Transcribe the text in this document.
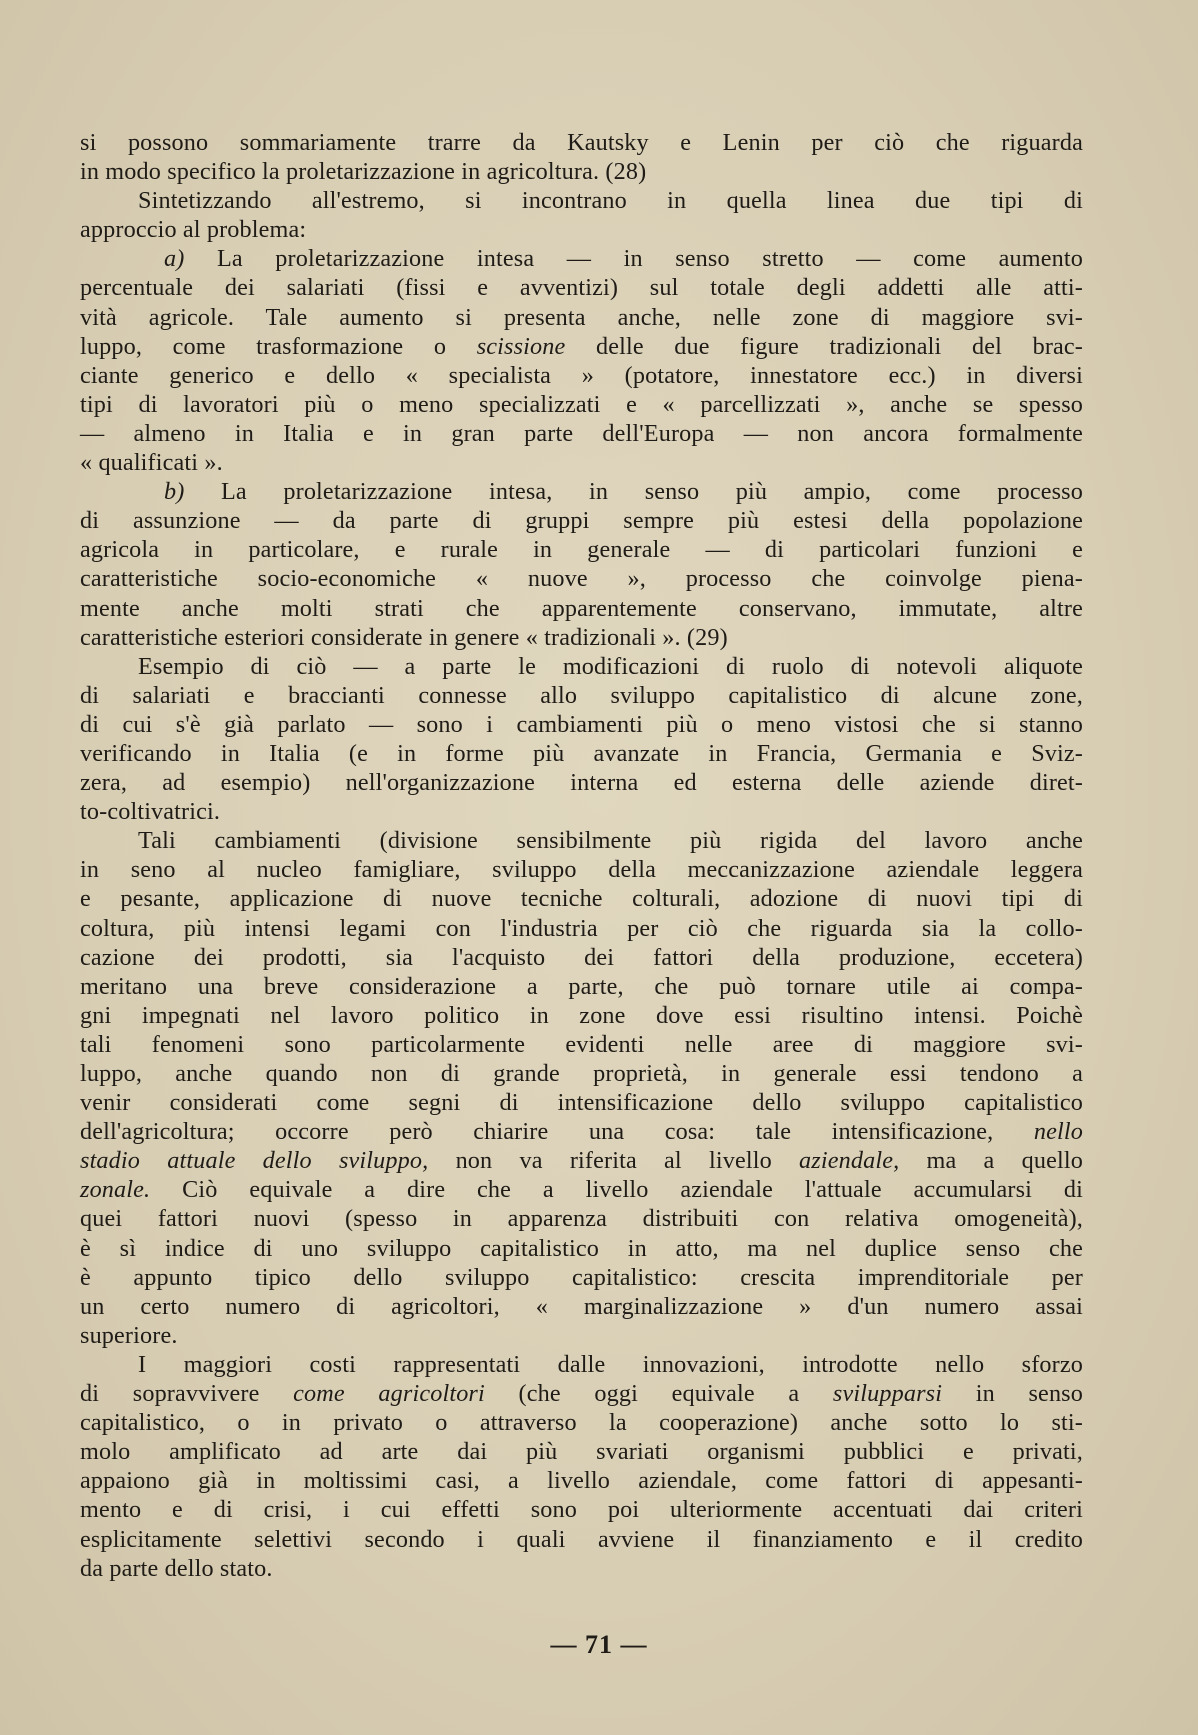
si possono sommariamente trarre da Kautsky e Lenin per ciò che riguarda
in modo specifico la proletarizzazione in agricoltura. (28)
Sintetizzando all'estremo, si incontrano in quella linea due tipi di
approccio al problema:
a) La proletarizzazione intesa — in senso stretto — come aumento
percentuale dei salariati (fissi e avventizi) sul totale degli addetti alle atti-
vità agricole. Tale aumento si presenta anche, nelle zone di maggiore svi-
luppo, come trasformazione o scissione delle due figure tradizionali del brac-
ciante generico e dello « specialista » (potatore, innestatore ecc.) in diversi
tipi di lavoratori più o meno specializzati e « parcellizzati », anche se spesso
— almeno in Italia e in gran parte dell'Europa — non ancora formalmente
« qualificati ».
b) La proletarizzazione intesa, in senso più ampio, come processo
di assunzione — da parte di gruppi sempre più estesi della popolazione
agricola in particolare, e rurale in generale — di particolari funzioni e
caratteristiche socio-economiche « nuove », processo che coinvolge piena-
mente anche molti strati che apparentemente conservano, immutate, altre
caratteristiche esteriori considerate in genere « tradizionali ». (29)
Esempio di ciò — a parte le modificazioni di ruolo di notevoli aliquote
di salariati e braccianti connesse allo sviluppo capitalistico di alcune zone,
di cui s'è già parlato — sono i cambiamenti più o meno vistosi che si stanno
verificando in Italia (e in forme più avanzate in Francia, Germania e Sviz-
zera, ad esempio) nell'organizzazione interna ed esterna delle aziende diret-
to-coltivatrici.
Tali cambiamenti (divisione sensibilmente più rigida del lavoro anche
in seno al nucleo famigliare, sviluppo della meccanizzazione aziendale leggera
e pesante, applicazione di nuove tecniche colturali, adozione di nuovi tipi di
coltura, più intensi legami con l'industria per ciò che riguarda sia la collo-
cazione dei prodotti, sia l'acquisto dei fattori della produzione, eccetera)
meritano una breve considerazione a parte, che può tornare utile ai compa-
gni impegnati nel lavoro politico in zone dove essi risultino intensi. Poichè
tali fenomeni sono particolarmente evidenti nelle aree di maggiore svi-
luppo, anche quando non di grande proprietà, in generale essi tendono a
venir considerati come segni di intensificazione dello sviluppo capitalistico
dell'agricoltura; occorre però chiarire una cosa: tale intensificazione, nello
stadio attuale dello sviluppo, non va riferita al livello aziendale, ma a quello
zonale. Ciò equivale a dire che a livello aziendale l'attuale accumularsi di
quei fattori nuovi (spesso in apparenza distribuiti con relativa omogeneità),
è sì indice di uno sviluppo capitalistico in atto, ma nel duplice senso che
è appunto tipico dello sviluppo capitalistico: crescita imprenditoriale per
un certo numero di agricoltori, « marginalizzazione » d'un numero assai
superiore.
I maggiori costi rappresentati dalle innovazioni, introdotte nello sforzo
di sopravvivere come agricoltori (che oggi equivale a svilupparsi in senso
capitalistico, o in privato o attraverso la cooperazione) anche sotto lo sti-
molo amplificato ad arte dai più svariati organismi pubblici e privati,
appaiono già in moltissimi casi, a livello aziendale, come fattori di appesanti-
mento e di crisi, i cui effetti sono poi ulteriormente accentuati dai criteri
esplicitamente selettivi secondo i quali avviene il finanziamento e il credito
da parte dello stato.
— 71 —
